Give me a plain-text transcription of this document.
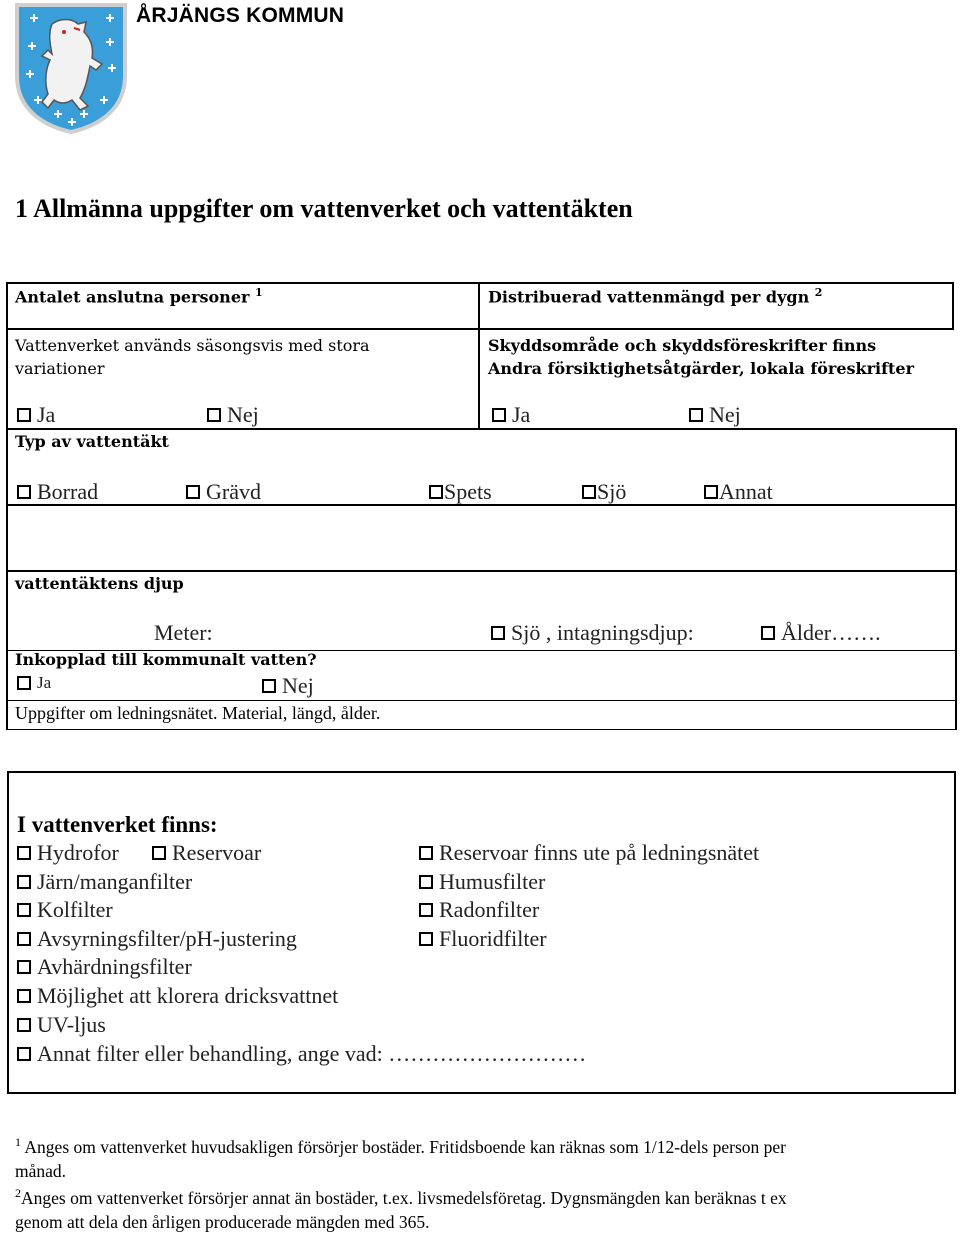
ÅRJÄNGS KOMMUN
1 Allmänna uppgifter om vattenverket och vattentäkten
Antalet anslutna personer $^1$	Distribuerad vattenmängd per dygn $^2$
Vattenverket används säsongsvis med stora
variationer
Skyddsområde och skyddsföreskrifter finns
Andra försiktighetsåtgärder, lokala föreskrifter
Ja	Nej	Ja	Nej
Typ av vattentäkt
Borrad	Grävd	Spets	Sjö	Annat
vattentäktens djup
Meter:	Sjö , intagningsdjup:	Ålder…….
Inkopplad till kommunalt vatten?
Ja	Nej
Uppgifter om ledningsnätet. Material, längd, ålder.
I vattenverket finns:
Hydrofor Reservoar
Järn/manganfilter
Kolfilter
Avsyrningsfilter/pH-justering
Avhärdningsfilter
Möjlighet att klorera dricksvattnet
UV-ljus
Annat filter eller behandling, ange vad: ………………………
Reservoar finns ute på ledningsnätet
Humusfilter
Radonfilter
Fluoridfilter
$^1$ Anges om vattenverket huvudsakligen försörjer bostäder. Fritidsboende kan räknas som 1/12-dels person per
månad.
$^2$Anges om vattenverket försörjer annat än bostäder, t.ex. livsmedelsföretag. Dygnsmängden kan beräknas t ex
genom att dela den årligen producerade mängden med 365.
